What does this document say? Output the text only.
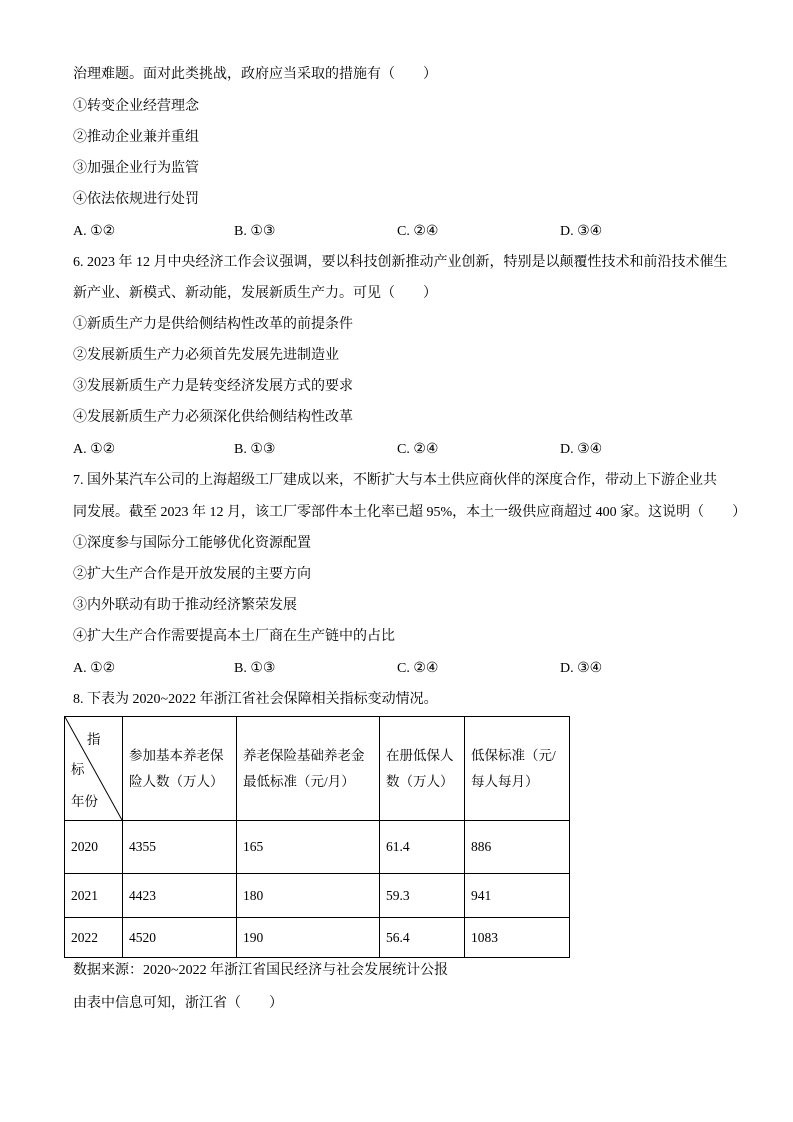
治理难题。面对此类挑战，政府应当采取的措施有（　　）
①转变企业经营理念
②推动企业兼并重组
③加强企业行为监管
④依法依规进行处罚
A. ①②	B. ①③	C. ②④	D. ③④
6. 2023 年 12 月中央经济工作会议强调，要以科技创新推动产业创新，特别是以颠覆性技术和前沿技术催生
新产业、新模式、新动能，发展新质生产力。可见（　　）
①新质生产力是供给侧结构性改革的前提条件
②发展新质生产力必须首先发展先进制造业
③发展新质生产力是转变经济发展方式的要求
④发展新质生产力必须深化供给侧结构性改革
A. ①②	B. ①③	C. ②④	D. ③④
7. 国外某汽车公司的上海超级工厂建成以来，不断扩大与本土供应商伙伴的深度合作，带动上下游企业共
同发展。截至 2023 年 12 月，该工厂零部件本土化率已超 95%，本土一级供应商超过 400 家。这说明（　　）
①深度参与国际分工能够优化资源配置
②扩大生产合作是开放发展的主要方向
③内外联动有助于推动经济繁荣发展
④扩大生产合作需要提高本土厂商在生产链中的占比
A. ①②	B. ①③	C. ②④	D. ③④
8. 下表为 2020~2022 年浙江省社会保障相关指标变动情况。
指
标
年份	参加基本养老保险人数（万人）	养老保险基础养老金最低标准（元/月）	在册低保人数（万人）	低保标准（元/每人每月）
2020	4355	165	61.4	886
2021	4423	180	59.3	941
2022	4520	190	56.4	1083
数据来源：2020~2022 年浙江省国民经济与社会发展统计公报
由表中信息可知，浙江省（　　）
